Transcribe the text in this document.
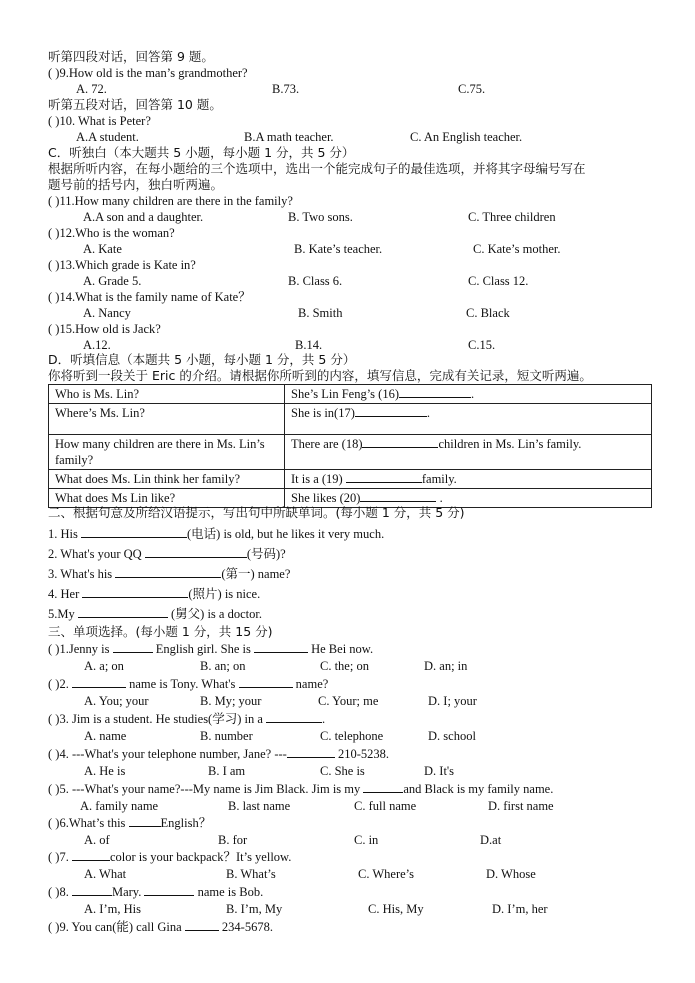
听第四段对话，回答第 9 题。
( )9.How old is the man’s grandmother?
A. 72.	B.73.	C.75.
听第五段对话，回答第 10 题。
( )10. What is Peter?
A.A student.	B.A math teacher.	C. An English teacher.
C．听独白（本大题共 5 小题，每小题 1 分，共 5 分）
根据所听内容，在每小题给的三个选项中，选出一个能完成句子的最佳选项，并将其字母编号写在
题号前的括号内，独白听两遍。
( )11.How many children are there in the family?
A.A son and a daughter.	B. Two sons.	C. Three children
( )12.Who is the woman?
A. Kate	B. Kate’s teacher.	C. Kate’s mother.
( )13.Which grade is Kate in?
A. Grade 5.	B. Class 6.	C. Class 12.
( )14.What is the family name of Kate？
A. Nancy	B. Smith	C. Black
( )15.How old is Jack?
A.12.	B.14.	C.15.
D．听填信息（本题共 5 小题，每小题 1 分，共 5 分）
你将听到一段关于 Eric 的介绍。请根据你所听到的内容，填写信息，完成有关记录，短文听两遍。
Who is Ms. Lin?	She’s Lin Feng’s (16) .
Where’s Ms. Lin?	She is in(17) .
How many children are there in Ms. Lin’s family?	There are (18) children in Ms. Lin’s family.
What does Ms. Lin think her family?	It is a (19) family.
What does Ms Lin like?	She likes (20) .
二、根据句意及所给汉语提示，写出句中所缺单词。(每小题 1 分，共 5 分)
1. His	(电话) is old, but he likes it very much.
2. What's your QQ	(号码)?
3. What's his	(第一) name?
4. Her	(照片) is nice.
5.My	(舅父) is a doctor.
三、单项选择。(每小题 1 分，共 15 分)
( )1.Jenny is	English girl. She is	He Bei now.
A. a; on	B. an; on	C. the; on	D. an; in
( )2.	name is Tony. What's	name?
A. You; your	B. My; your	C. Your; me	D. I; your
( )3. Jim is a student. He studies(学习) in a	.
A. name	B. number	C. telephone	D. school
( )4. ---What's your telephone number, Jane? ---	210-5238.
A. He is	B. I am	C. She is	D. It's
( )5. ---What's your name?---My name is Jim Black. Jim is my	and Black is my family name.
A. family name	B. last name	C. full name	D. first name
( )6.What’s this	English？
A. of	B. for	C. in	D.at
( )7.	color is your backpack？It’s yellow.
A. What	B. What’s	C. Where’s	D. Whose
( )8.	Mary.	name is Bob.
A. I’m, His	B. I’m, My	C. His, My	D. I’m, her
( )9. You can(能) call Gina	234-5678.
